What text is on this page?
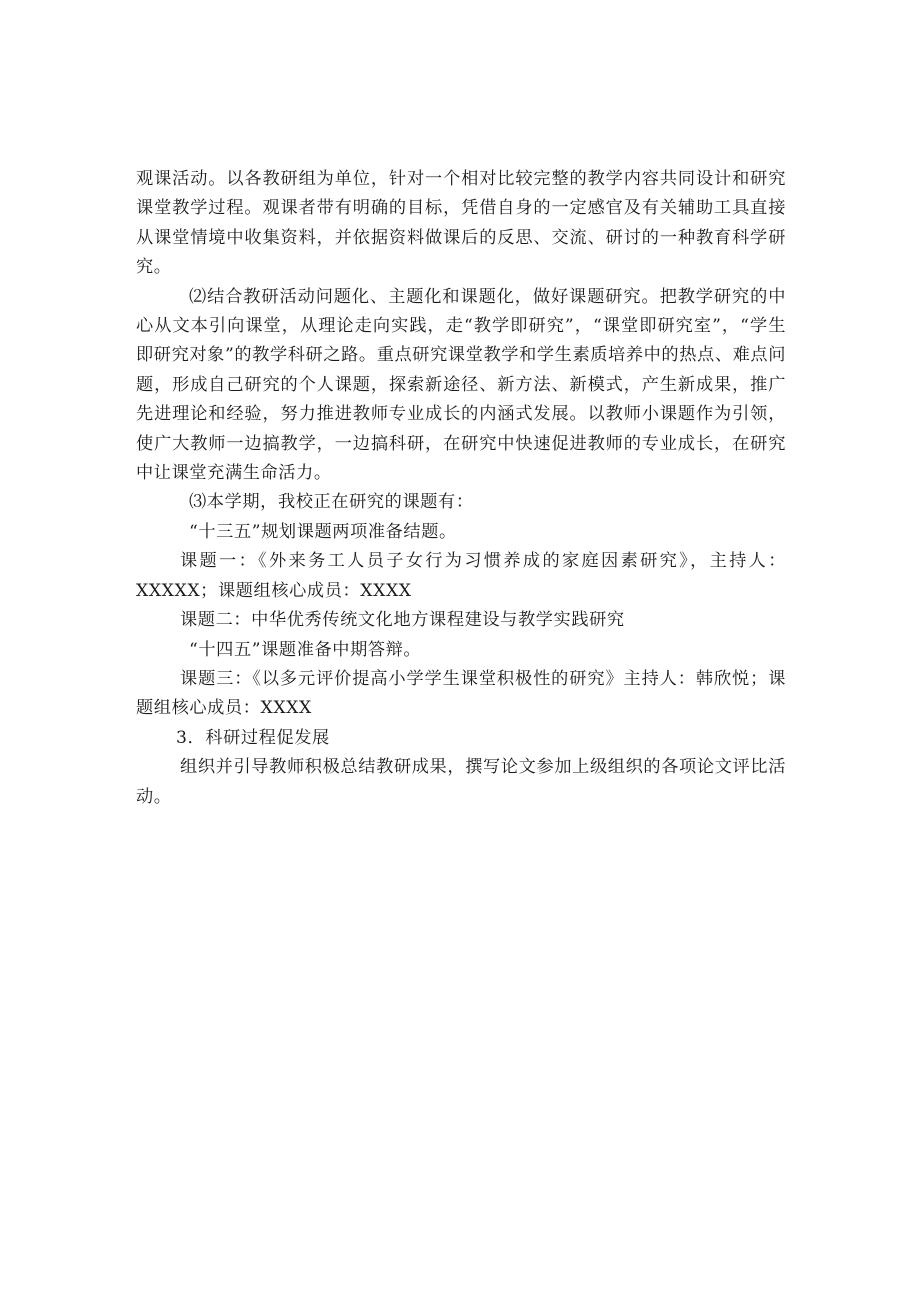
观课活动。以各教研组为单位，针对一个相对比较完整的教学内容共同设计和研究课堂教学过程。观课者带有明确的目标，凭借自身的一定感官及有关辅助工具直接从课堂情境中收集资料，并依据资料做课后的反思、交流、研讨的一种教育科学研究。

⑵结合教研活动问题化、主题化和课题化，做好课题研究。把教学研究的中心从文本引向课堂，从理论走向实践，走“教学即研究”，“课堂即研究室”，“学生即研究对象”的教学科研之路。重点研究课堂教学和学生素质培养中的热点、难点问题，形成自己研究的个人课题，探索新途径、新方法、新模式，产生新成果，推广先进理论和经验，努力推进教师专业成长的内涵式发展。以教师小课题作为引领，使广大教师一边搞教学，一边搞科研，在研究中快速促进教师的专业成长，在研究中让课堂充满生命活力。

⑶本学期，我校正在研究的课题有：

“十三五”规划课题两项准备结题。

课题一：《外来务工人员子女行为习惯养成的家庭因素研究》，主持人：XXXXX；课题组核心成员：XXXX

课题二：中华优秀传统文化地方课程建设与教学实践研究

“十四五”课题准备中期答辩。

课题三：《以多元评价提高小学学生课堂积极性的研究》主持人：韩欣悦；课题组核心成员：XXXX

3．科研过程促发展

组织并引导教师积极总结教研成果，撰写论文参加上级组织的各项论文评比活动。
